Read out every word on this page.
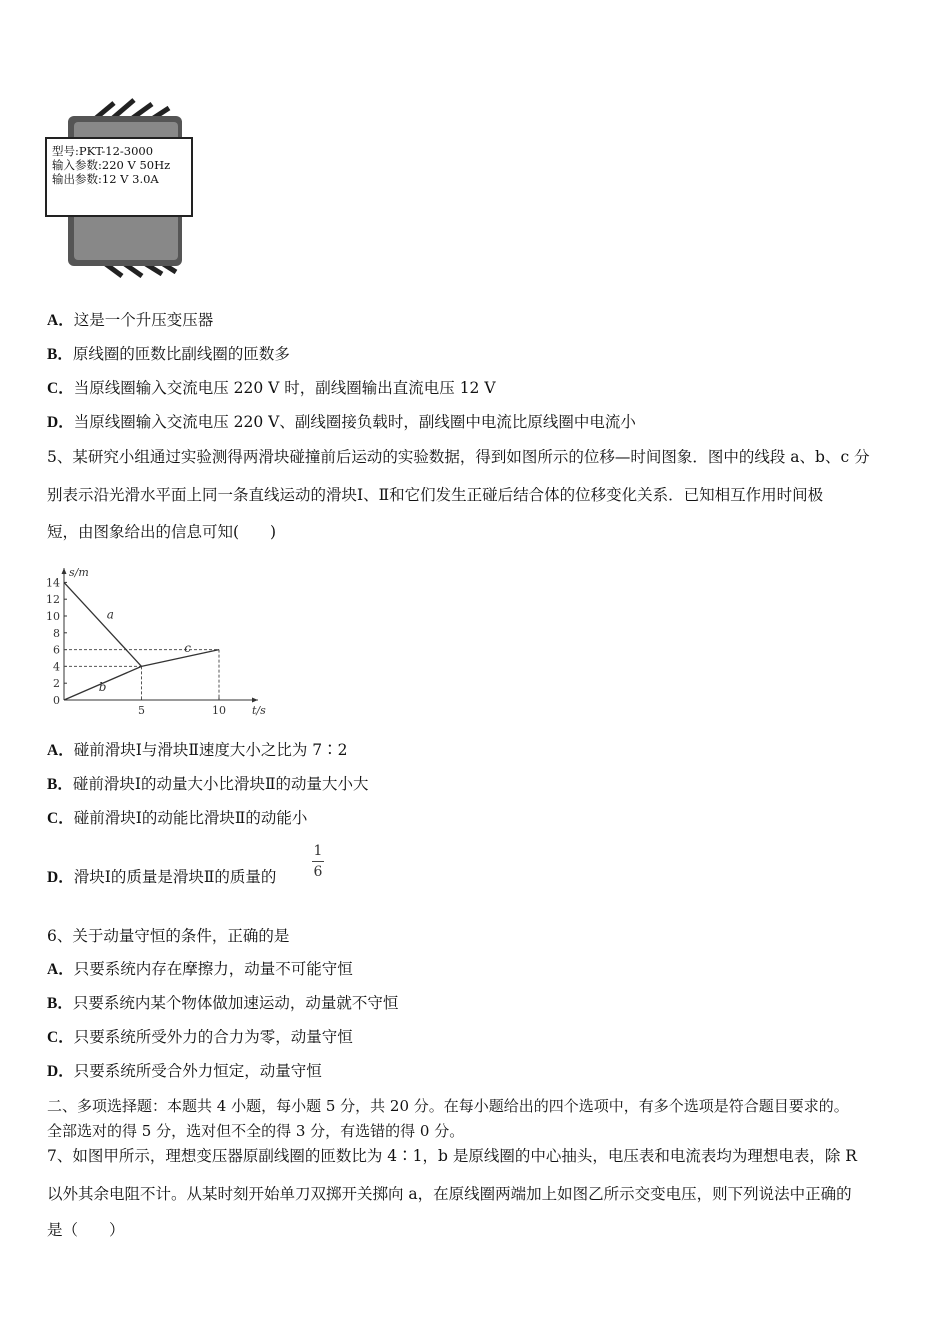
型号:PKT-12-3000
输入参数:220 V 50Hz
输出参数:12 V 3.0A
A．这是一个升压变压器
B．原线圈的匝数比副线圈的匝数多
C．当原线圈输入交流电压 220 V 时，副线圈输出直流电压 12 V
D．当原线圈输入交流电压 220 V、副线圈接负载时，副线圈中电流比原线圈中电流小
5、某研究小组通过实验测得两滑块碰撞前后运动的实验数据，得到如图所示的位移—时间图象．图中的线段 a、b、c 分
别表示沿光滑水平面上同一条直线运动的滑块Ⅰ、Ⅱ和它们发生正碰后结合体的位移变化关系．已知相互作用时间极
短，由图象给出的信息可知(　　)
14
12
10
8
6
4
2
0
5	10
s/m
t/s
a
b
c
A．碰前滑块Ⅰ与滑块Ⅱ速度大小之比为 7∶2
B．碰前滑块Ⅰ的动量大小比滑块Ⅱ的动量大小大
C．碰前滑块Ⅰ的动能比滑块Ⅱ的动能小
D．滑块Ⅰ的质量是滑块Ⅱ的质量的
1
6
6、关于动量守恒的条件，正确的是
A．只要系统内存在摩擦力，动量不可能守恒
B．只要系统内某个物体做加速运动，动量就不守恒
C．只要系统所受外力的合力为零，动量守恒
D．只要系统所受合外力恒定，动量守恒
二、多项选择题：本题共 4 小题，每小题 5 分，共 20 分。在每小题给出的四个选项中，有多个选项是符合题目要求的。
全部选对的得 5 分，选对但不全的得 3 分，有选错的得 0 分。
7、如图甲所示，理想变压器原副线圈的匝数比为 4∶1，b 是原线圈的中心抽头，电压表和电流表均为理想电表，除 R
以外其余电阻不计。从某时刻开始单刀双掷开关掷向 a，在原线圈两端加上如图乙所示交变电压，则下列说法中正确的
是（　　）
